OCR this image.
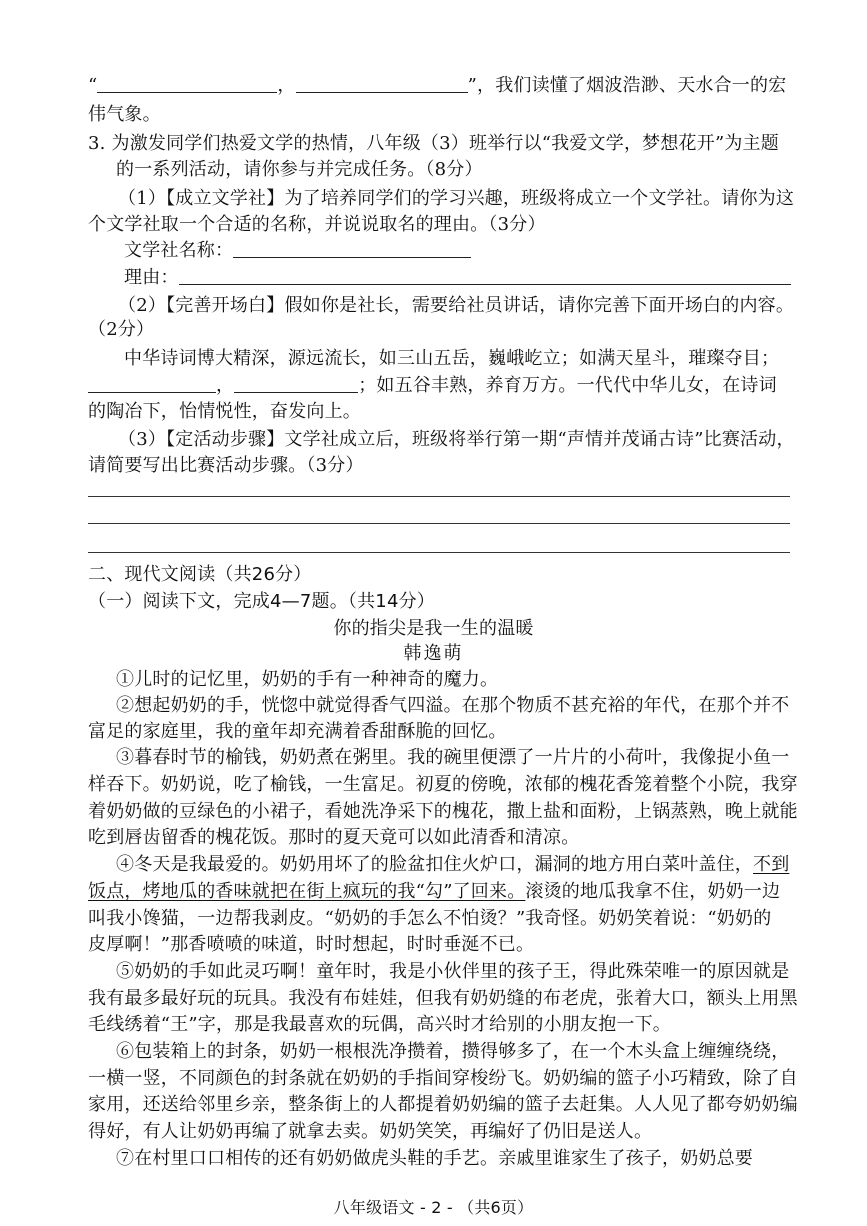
“	，	”，我们读懂了烟波浩渺、天水合一的宏
伟气象。
3. 为激发同学们热爱文学的热情，八年级（3）班举行以“我爱文学，梦想花开”为主题
的一系列活动，请你参与并完成任务。（8分）
（1）【成立文学社】为了培养同学们的学习兴趣，班级将成立一个文学社。请你为这
个文学社取一个合适的名称，并说说取名的理由。（3分）
文学社名称：
理由：
（2）【完善开场白】假如你是社长，需要给社员讲话，请你完善下面开场白的内容。
（2分）
中华诗词博大精深，源远流长，如三山五岳，巍峨屹立；如满天星斗，璀璨夺目；
，	；如五谷丰熟，养育万方。一代代中华儿女，在诗词
的陶冶下，怡情悦性，奋发向上。
（3）【定活动步骤】文学社成立后，班级将举行第一期“声情并茂诵古诗”比赛活动，
请简要写出比赛活动步骤。（3分）
二、现代文阅读（共26分）
（一）阅读下文，完成4—7题。（共14分）
你的指尖是我一生的温暖
韩逸萌
①儿时的记忆里，奶奶的手有一种神奇的魔力。
②想起奶奶的手，恍惚中就觉得香气四溢。在那个物质不甚充裕的年代，在那个并不
富足的家庭里，我的童年却充满着香甜酥脆的回忆。
③暮春时节的榆钱，奶奶煮在粥里。我的碗里便漂了一片片的小荷叶，我像捉小鱼一
样吞下。奶奶说，吃了榆钱，一生富足。初夏的傍晚，浓郁的槐花香笼着整个小院，我穿
着奶奶做的豆绿色的小裙子，看她洗净采下的槐花，撒上盐和面粉，上锅蒸熟，晚上就能
吃到唇齿留香的槐花饭。那时的夏天竟可以如此清香和清凉。
④冬天是我最爱的。奶奶用坏了的脸盆扣住火炉口，漏洞的地方用白菜叶盖住，不到
饭点，烤地瓜的香味就把在街上疯玩的我“勾”了回来。滚烫的地瓜我拿不住，奶奶一边
叫我小馋猫，一边帮我剥皮。“奶奶的手怎么不怕烫？”我奇怪。奶奶笑着说：“奶奶的
皮厚啊！”那香喷喷的味道，时时想起，时时垂涎不已。
⑤奶奶的手如此灵巧啊！童年时，我是小伙伴里的孩子王，得此殊荣唯一的原因就是
我有最多最好玩的玩具。我没有布娃娃，但我有奶奶缝的布老虎，张着大口，额头上用黑
毛线绣着“王”字，那是我最喜欢的玩偶，高兴时才给别的小朋友抱一下。
⑥包装箱上的封条，奶奶一根根洗净攒着，攒得够多了，在一个木头盒上缠缠绕绕，
一横一竖，不同颜色的封条就在奶奶的手指间穿梭纷飞。奶奶编的篮子小巧精致，除了自
家用，还送给邻里乡亲，整条街上的人都提着奶奶编的篮子去赶集。人人见了都夸奶奶编
得好，有人让奶奶再编了就拿去卖。奶奶笑笑，再编好了仍旧是送人。
⑦在村里口口相传的还有奶奶做虎头鞋的手艺。亲戚里谁家生了孩子，奶奶总要
八年级语文 - 2 - （共6页）
